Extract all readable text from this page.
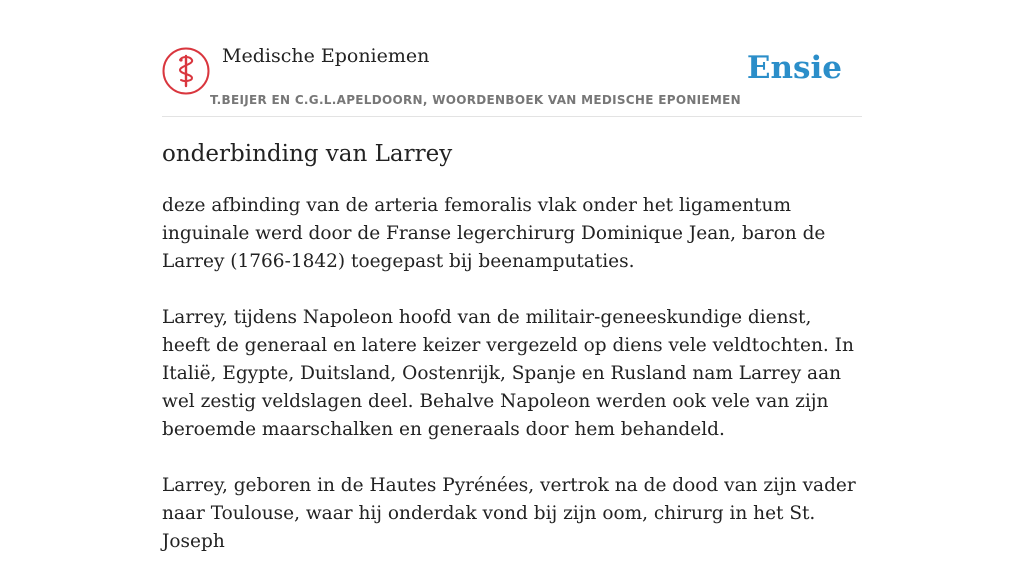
Medische Eponiemen
T.BEIJER EN C.G.L.APELDOORN, WOORDENBOEK VAN MEDISCHE EPONIEMEN
Ensie
onderbinding van Larrey

deze afbinding van de arteria femoralis vlak onder het ligamentum inguinale werd door de Franse legerchirurg Dominique Jean, baron de Larrey (1766-1842) toegepast bij beenamputaties.

Larrey, tijdens Napoleon hoofd van de militair-geneeskundige dienst, heeft de generaal en latere keizer vergezeld op diens vele veldtochten. In Italië, Egypte, Duitsland, Oostenrijk, Spanje en Rusland nam Larrey aan wel zestig veldslagen deel. Behalve Napoleon werden ook vele van zijn beroemde maarschalken en generaals door hem behandeld.

Larrey, geboren in de Hautes Pyrénées, vertrok na de dood van zijn vader naar Toulouse, waar hij onderdak vond bij zijn oom, chirurg in het St. Joseph
